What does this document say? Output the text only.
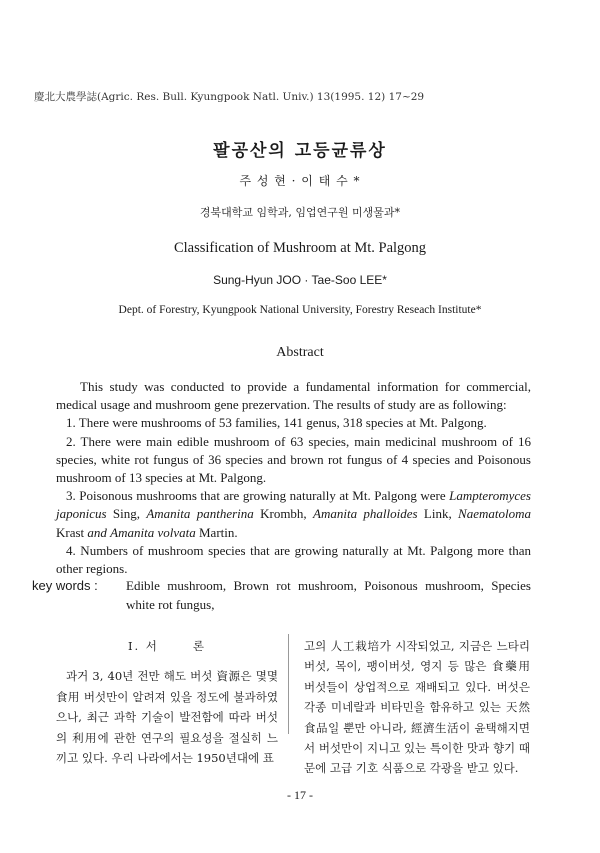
慶北大農學誌(Agric. Res. Bull. Kyungpook Natl. Univ.) 13(1995. 12) 17~29
팔공산의 고등균류상
주 성 현 · 이 태 수 *
경북대학교 임학과, 임업연구원 미생물과*
Classification of Mushroom at Mt. Palgong
Sung-Hyun JOO · Tae-Soo LEE*
Dept. of Forestry, Kyungpook National University, Forestry Reseach Institute*
Abstract

This study was conducted to provide a fundamental information for commercial, medical usage and mushroom gene prezervation. The results of study are as following:

1. There were mushrooms of 53 families, 141 genus, 318 species at Mt. Palgong.

2. There were main edible mushroom of 63 species, main medicinal mushroom of 16 species, white rot fungus of 36 species and brown rot fungus of 4 species and Poisonous mushroom of 13 species at Mt. Palgong.

3. Poisonous mushrooms that are growing naturally at Mt. Palgong were Lampteromyces japonicus Sing, Amanita pantherina Krombh, Amanita phalloides Link, Naematoloma Krast and Amanita volvata Martin.

4. Numbers of mushroom species that are growing naturally at Mt. Palgong more than other regions.

key words : Edible mushroom, Brown rot mushroom, Poisonous mushroom, Species white rot fungus,
Ⅰ. 서	론

과거 3, 40년 전만 해도 버섯 資源은 몇몇 食用 버섯만이 알려져 있을 정도에 불과하였으나, 최근 과학 기술이 발전함에 따라 버섯의 利用에 관한 연구의 필요성을 절실히 느끼고 있다. 우리 나라에서는 1950년대에 표

고의 人工栽培가 시작되었고, 지금은 느타리 버섯, 목이, 팽이버섯, 영지 등 많은 食藥用 버섯들이 상업적으로 재배되고 있다. 버섯은 각종 미네랄과 비타민을 함유하고 있는 天然食品일 뿐만 아니라, 經濟生活이 윤택해지면서 버섯만이 지니고 있는 특이한 맛과 향기 때문에 고급 기호 식품으로 각광을 받고 있다.

- 17 -
